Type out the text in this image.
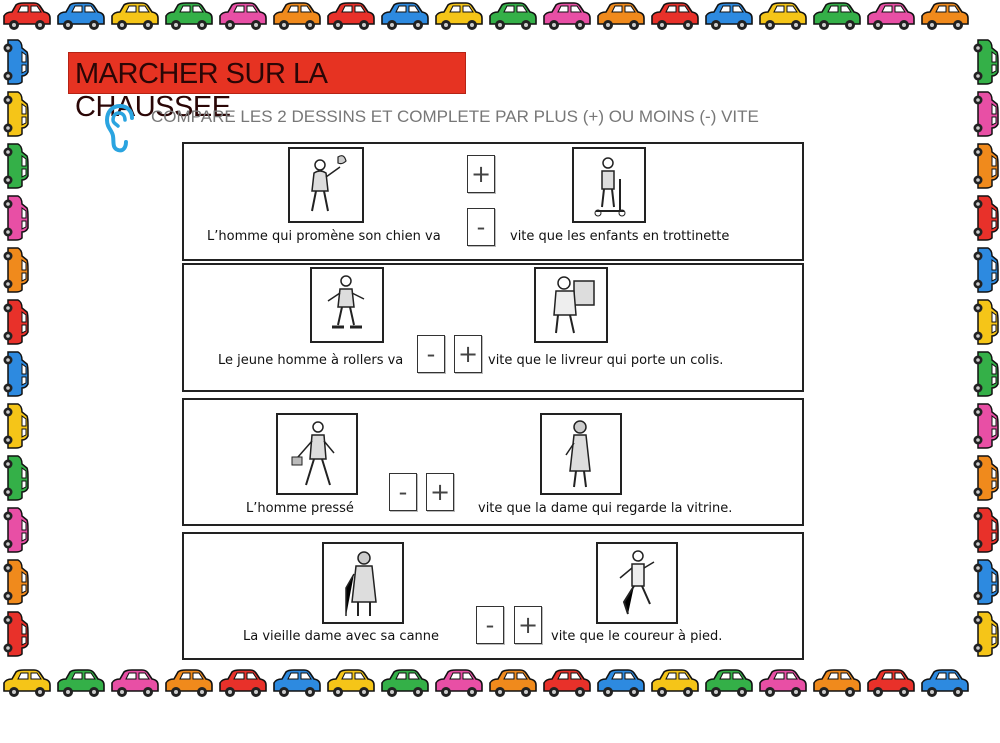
MARCHER SUR LA CHAUSSEE
COMPARE LES 2 DESSINS ET COMPLETE PAR PLUS (+) OU MOINS (-) VITE
+
-
L’homme qui promène son chien va	vite que les enfants en trottinette
Le jeune homme à rollers va - + vite que le livreur qui porte un colis.
L’homme pressé
- +
vite que la dame qui regarde la vitrine.
La vieille dame avec sa canne	- + vite que le coureur à pied.
